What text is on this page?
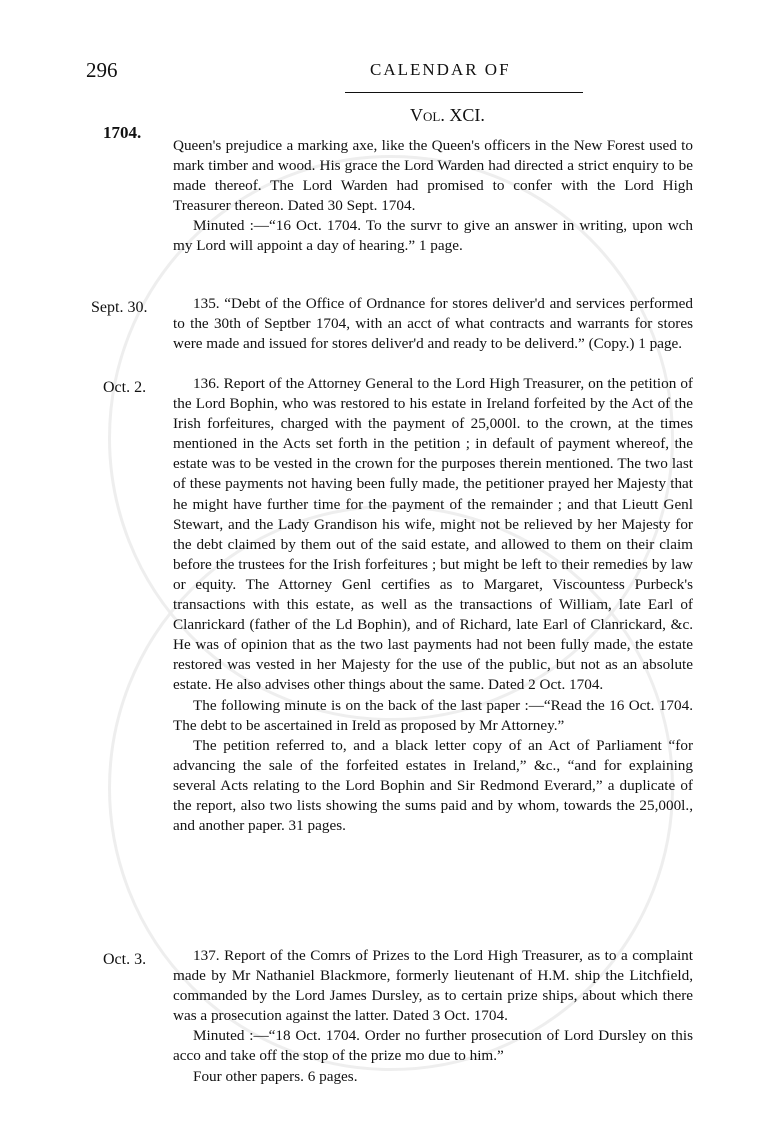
296	CALENDAR OF
Vol. XCI.
1704.
Sept. 30.
Oct. 2.
Oct. 3.

Queen's prejudice a marking axe, like the Queen's officers in the New Forest used to mark timber and wood. His grace the Lord Warden had directed a strict enquiry to be made thereof. The Lord Warden had promised to confer with the Lord High Treasurer thereon. Dated 30 Sept. 1704.

Minuted :—“16 Oct. 1704. To the survr to give an answer in writing, upon wch my Lord will appoint a day of hearing.” 1 page.

135. “Debt of the Office of Ordnance for stores deliver'd and services performed to the 30th of Septber 1704, with an acct of what contracts and warrants for stores were made and issued for stores deliver'd and ready to be deliverd.” (Copy.) 1 page.

136. Report of the Attorney General to the Lord High Treasurer, on the petition of the Lord Bophin, who was restored to his estate in Ireland forfeited by the Act of the Irish forfeitures, charged with the payment of 25,000l. to the crown, at the times mentioned in the Acts set forth in the petition ; in default of payment whereof, the estate was to be vested in the crown for the purposes therein mentioned. The two last of these payments not having been fully made, the petitioner prayed her Majesty that he might have further time for the payment of the remainder ; and that Lieutt Genl Stewart, and the Lady Grandison his wife, might not be relieved by her Majesty for the debt claimed by them out of the said estate, and allowed to them on their claim before the trustees for the Irish forfeitures ; but might be left to their remedies by law or equity. The Attorney Genl certifies as to Margaret, Viscountess Purbeck's transactions with this estate, as well as the transactions of William, late Earl of Clanrickard (father of the Ld Bophin), and of Richard, late Earl of Clanrickard, &c. He was of opinion that as the two last payments had not been fully made, the estate restored was vested in her Majesty for the use of the public, but not as an absolute estate. He also advises other things about the same. Dated 2 Oct. 1704.

The following minute is on the back of the last paper :—“Read the 16 Oct. 1704. The debt to be ascertained in Ireld as proposed by Mr Attorney.”

The petition referred to, and a black letter copy of an Act of Parliament “for advancing the sale of the forfeited estates in Ireland,” &c., “and for explaining several Acts relating to the Lord Bophin and Sir Redmond Everard,” a duplicate of the report, also two lists showing the sums paid and by whom, towards the 25,000l., and another paper. 31 pages.

137. Report of the Comrs of Prizes to the Lord High Treasurer, as to a complaint made by Mr Nathaniel Blackmore, formerly lieutenant of H.M. ship the Litchfield, commanded by the Lord James Dursley, as to certain prize ships, about which there was a prosecution against the latter. Dated 3 Oct. 1704.

Minuted :—“18 Oct. 1704. Order no further prosecution of Lord Dursley on this acco and take off the stop of the prize mo due to him.”

Four other papers. 6 pages.
